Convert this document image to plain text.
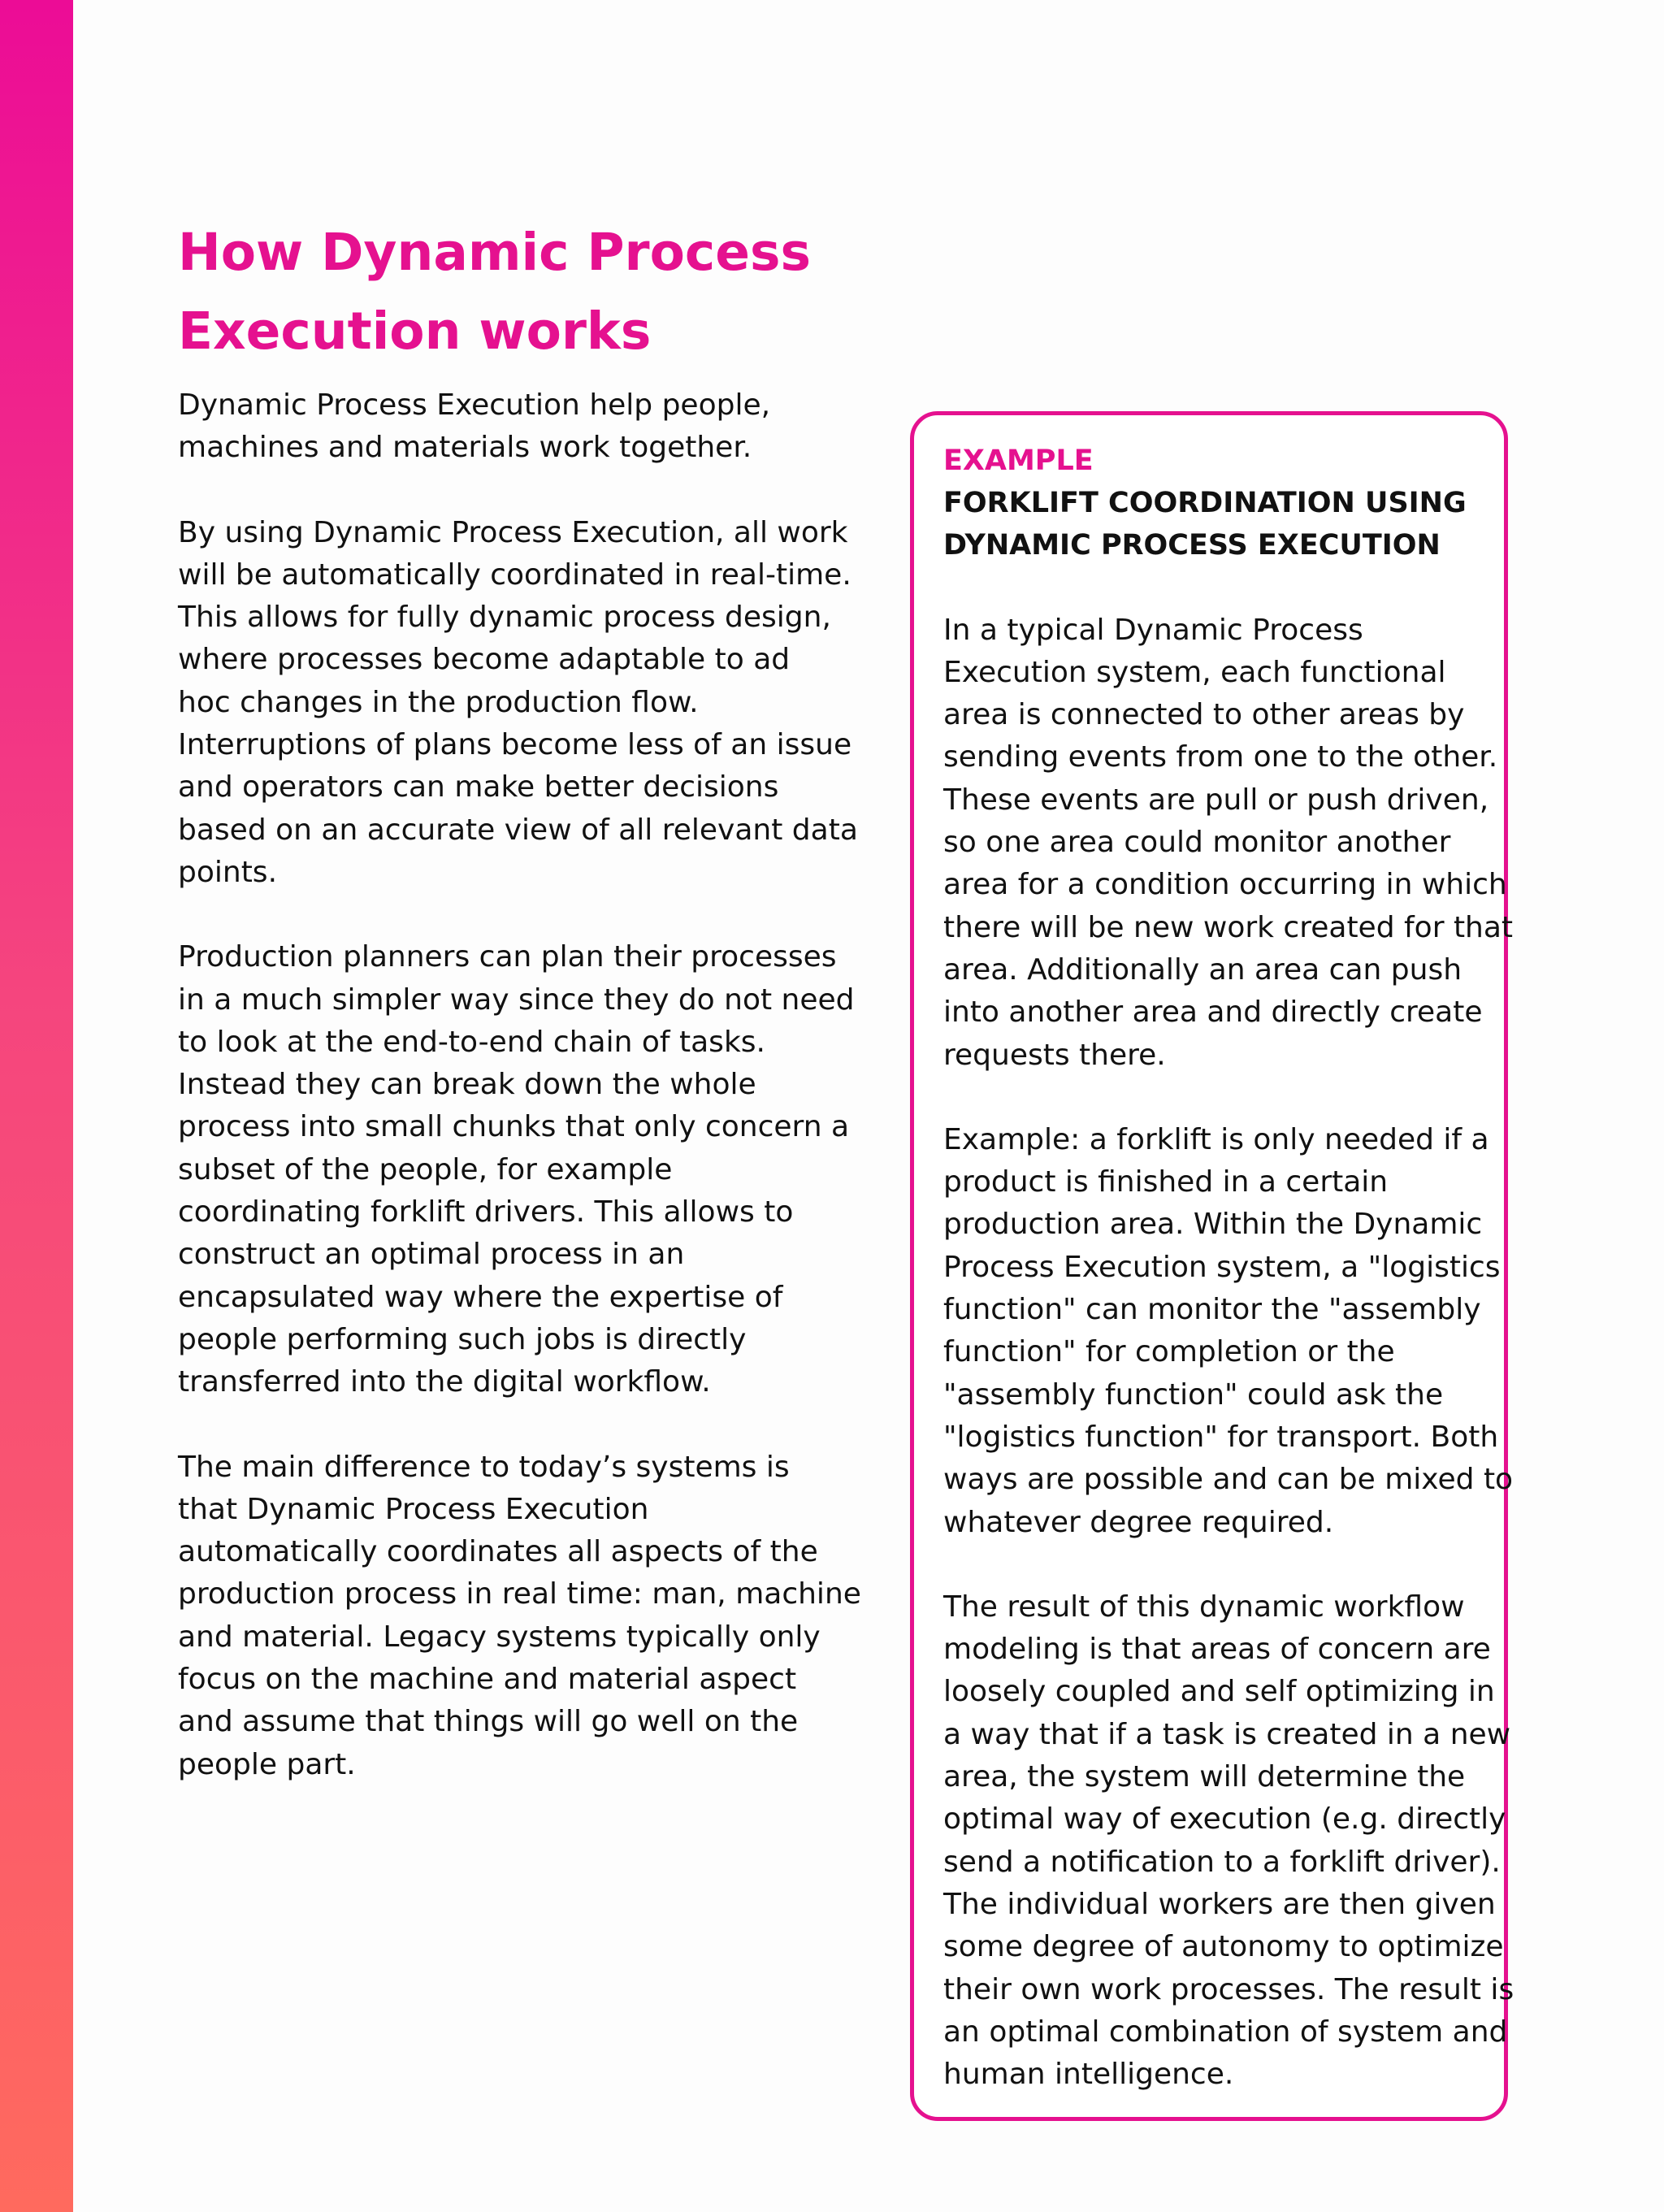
How Dynamic Process
Execution works

Dynamic Process Execution help people,
machines and materials work together.

By using Dynamic Process Execution, all work
will be automatically coordinated in real-time.
This allows for fully dynamic process design,
where processes become adaptable to ad
hoc changes in the production flow.
Interruptions of plans become less of an issue
and operators can make better decisions
based on an accurate view of all relevant data
points.

Production planners can plan their processes
in a much simpler way since they do not need
to look at the end-to-end chain of tasks.
Instead they can break down the whole
process into small chunks that only concern a
subset of the people, for example
coordinating forklift drivers. This allows to
construct an optimal process in an
encapsulated way where the expertise of
people performing such jobs is directly
transferred into the digital workflow.

The main difference to today’s systems is
that Dynamic Process Execution
automatically coordinates all aspects of the
production process in real time: man, machine
and material. Legacy systems typically only
focus on the machine and material aspect
and assume that things will go well on the
people part.

EXAMPLE

FORKLIFT COORDINATION USING
DYNAMIC PROCESS EXECUTION

In a typical Dynamic Process
Execution system, each functional
area is connected to other areas by
sending events from one to the other.
These events are pull or push driven,
so one area could monitor another
area for a condition occurring in which
there will be new work created for that
area. Additionally an area can push
into another area and directly create
requests there.

Example: a forklift is only needed if a
product is finished in a certain
production area. Within the Dynamic
Process Execution system, a "logistics
function" can monitor the "assembly
function" for completion or the
"assembly function" could ask the
"logistics function" for transport. Both
ways are possible and can be mixed to
whatever degree required.

The result of this dynamic workflow
modeling is that areas of concern are
loosely coupled and self optimizing in
a way that if a task is created in a new
area, the system will determine the
optimal way of execution (e.g. directly
send a notification to a forklift driver).
The individual workers are then given
some degree of autonomy to optimize
their own work processes. The result is
an optimal combination of system and
human intelligence.
